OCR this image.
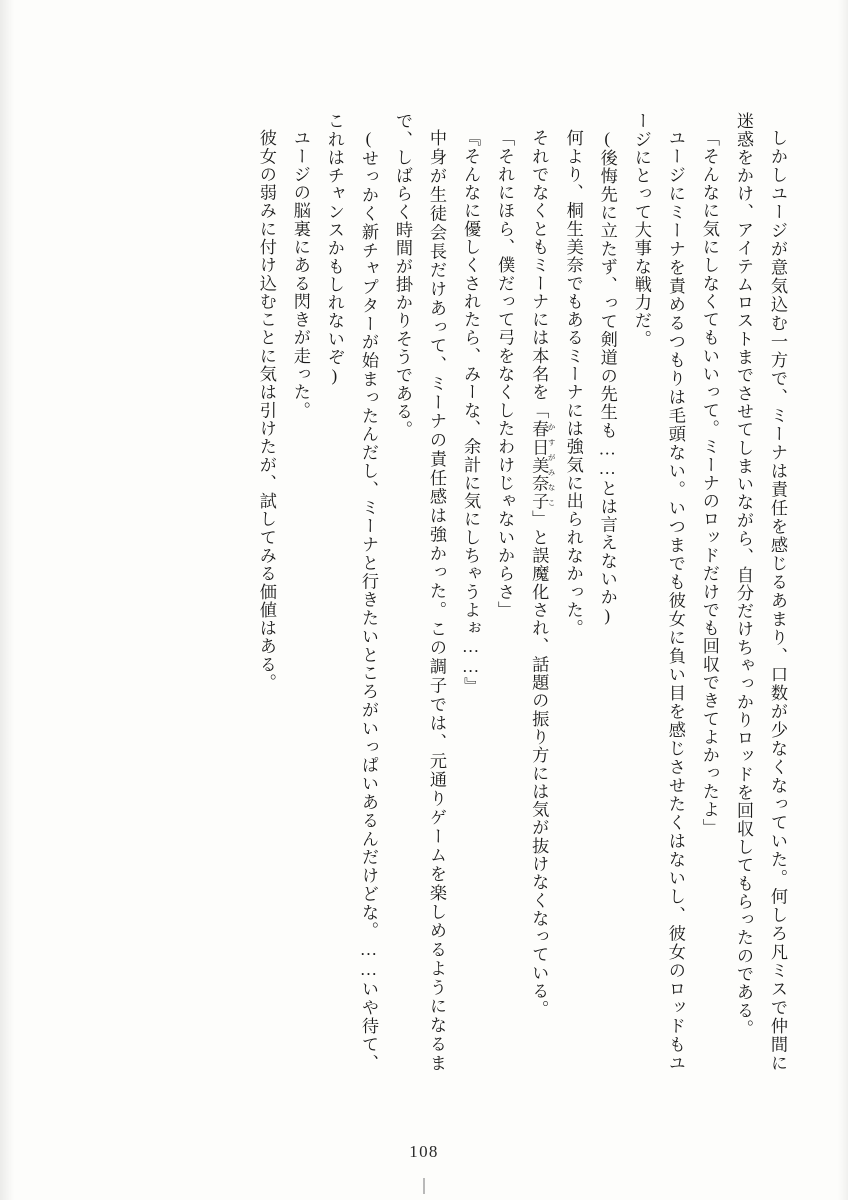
しかしユージが意気込む一方で、ミーナは責任を感じるあまり、口数が少なくなっていた。何しろ凡ミスで仲間に迷惑をかけ、アイテムロストまでさせてしまいながら、自分だけちゃっかりロッドを回収してもらったのである。

「そんなに気にしなくてもいいって。ミーナのロッドだけでも回収できてよかったよ」

ユージにミーナを責めるつもりは毛頭ない。いつまでも彼女に負い目を感じさせたくはないし、彼女のロッドもユージにとって大事な戦力だ。

(後悔先に立たず、って剣道の先生も……とは言えないか)

何より、桐生美奈でもあるミーナには強気に出られなかった。

それでなくともミーナには本名を「春日美奈子 かすがみなこ」と誤魔化され、話題の振り方には気が抜けなくなっている。

「それにほら、僕だって弓をなくしたわけじゃないからさ」

『そんなに優しくされたら、みーな、余計に気にしちゃうよぉ……』

中身が生徒会長だけあって、ミーナの責任感は強かった。この調子では、元通りゲームを楽しめるようになるまで、しばらく時間が掛かりそうである。

(せっかく新チャプターが始まったんだし、ミーナと行きたいところがいっぱいあるんだけどな。……いや待て、これはチャンスかもしれないぞ)

ユージの脳裏にある閃きが走った。

彼女の弱みに付け込むことに気は引けたが、試してみる価値はある。

108
